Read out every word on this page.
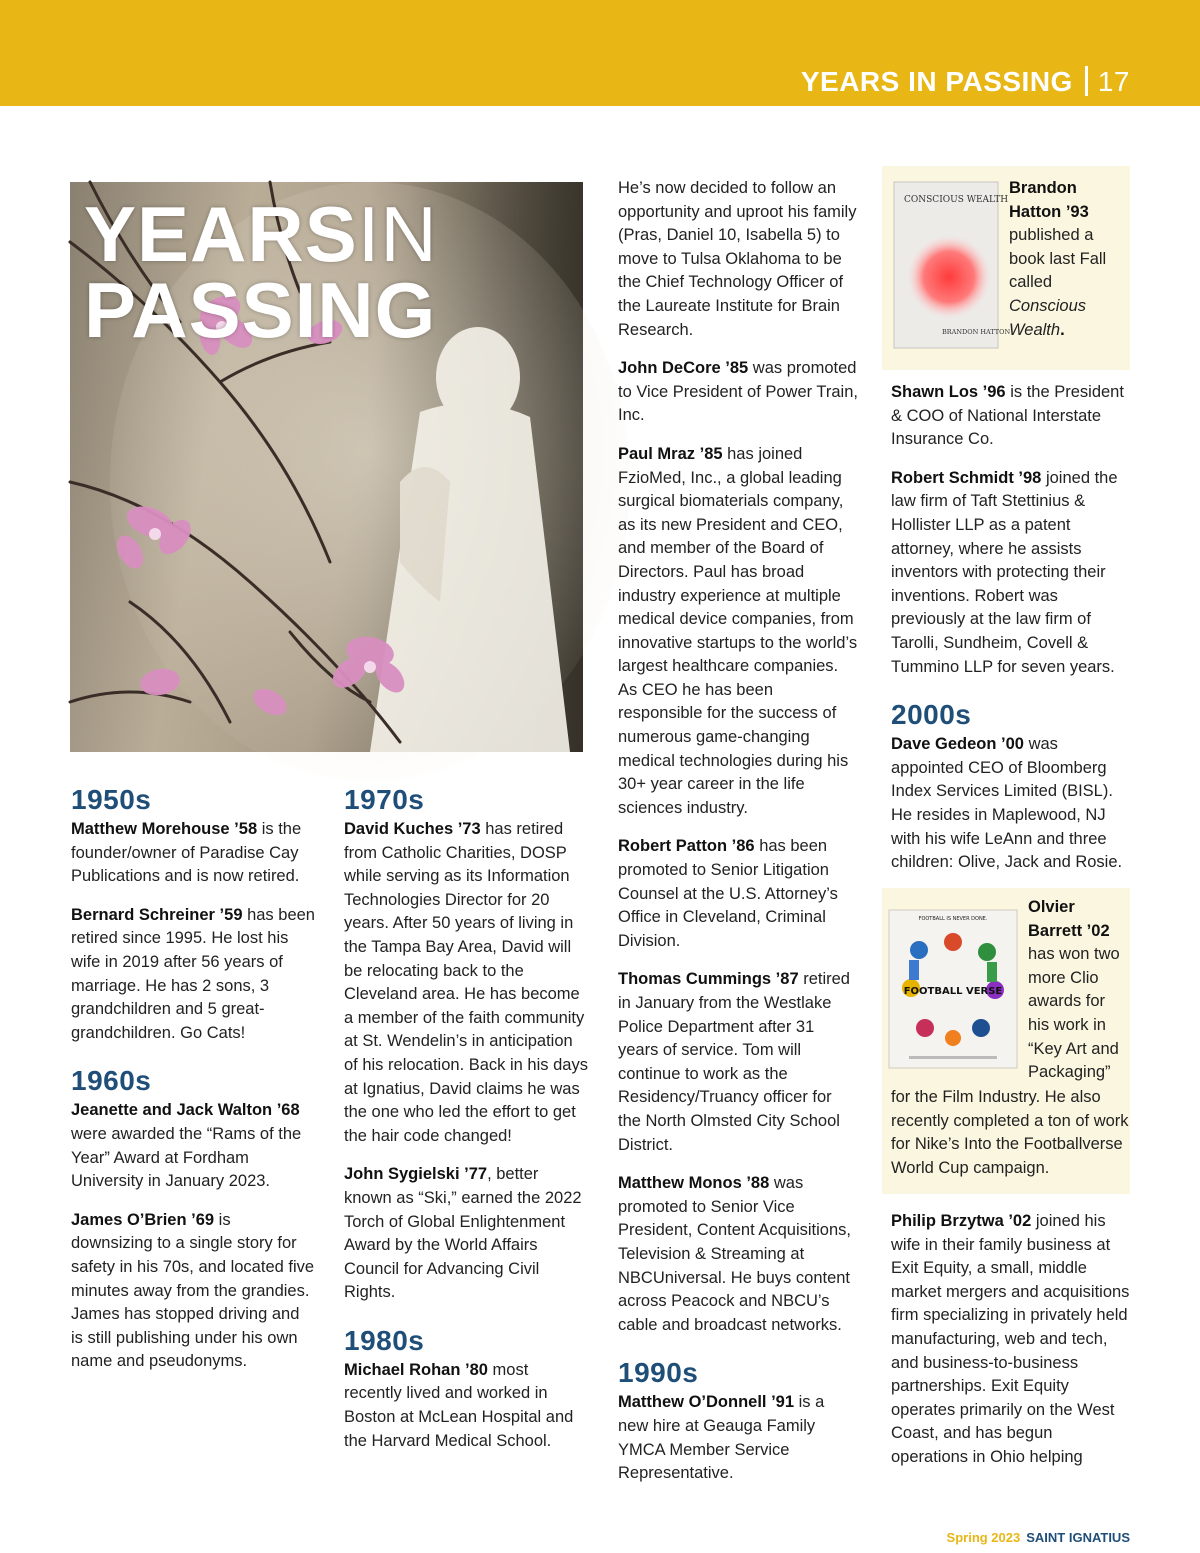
YEARS IN PASSING 17
YEARSIN
PASSING
1950s

Matthew Morehouse ’58 is the founder/owner of Paradise Cay Publications and is now retired.

Bernard Schreiner ’59 has been retired since 1995. He lost his wife in 2019 after 56 years of marriage. He has 2 sons, 3 grandchildren and 5 great-grandchildren. Go Cats!

1960s

Jeanette and Jack Walton ’68 were awarded the “Rams of the Year” Award at Fordham University in January 2023.

James O’Brien ’69 is downsizing to a single story for safety in his 70s, and located five minutes away from the grandies. James has stopped driving and is still publishing under his own name and pseudonyms.

1970s

David Kuches ’73 has retired from Catholic Charities, DOSP while serving as its Information Technologies Director for 20 years. After 50 years of living in the Tampa Bay Area, David will be relocating back to the Cleveland area. He has become a member of the faith community at St. Wendelin’s in anticipation of his relocation. Back in his days at Ignatius, David claims he was the one who led the effort to get the hair code changed!

John Sygielski ’77, better known as “Ski,” earned the 2022 Torch of Global Enlightenment Award by the World Affairs Council for Advancing Civil Rights.

1980s

Michael Rohan ’80 most recently lived and worked in Boston at McLean Hospital and the Harvard Medical School.

He’s now decided to follow an opportunity and uproot his family (Pras, Daniel 10, Isabella 5) to move to Tulsa Oklahoma to be the Chief Technology Officer of the Laureate Institute for Brain Research.

John DeCore ’85 was promoted to Vice President of Power Train, Inc.

Paul Mraz ’85 has joined FzioMed, Inc., a global leading surgical biomaterials company, as its new President and CEO, and member of the Board of Directors. Paul has broad industry experience at multiple medical device companies, from innovative startups to the world’s largest healthcare companies. As CEO he has been responsible for the success of numerous game-changing medical technologies during his 30+ year career in the life sciences industry.

Robert Patton ’86 has been promoted to Senior Litigation Counsel at the U.S. Attorney’s Office in Cleveland, Criminal Division.

Thomas Cummings ’87 retired in January from the Westlake Police Department after 31 years of service. Tom will continue to work as the Residency/Truancy officer for the North Olmsted City School District.

Matthew Monos ’88 was promoted to Senior Vice President, Content Acquisitions, Television & Streaming at NBCUniversal. He buys content across Peacock and NBCU’s cable and broadcast networks.

1990s

Matthew O’Donnell ’91 is a new hire at Geauga Family YMCA Member Service Representative.

CONSCIOUS WEALTH
BRANDON HATTON

Brandon Hatton ’93 published a book last Fall called Conscious Wealth.

Shawn Los ’96 is the President & COO of National Interstate Insurance Co.

Robert Schmidt ’98 joined the law firm of Taft Stettinius & Hollister LLP as a patent attorney, where he assists inventors with protecting their inventions. Robert was previously at the law firm of Tarolli, Sundheim, Covell & Tummino LLP for seven years.

2000s

Dave Gedeon ’00 was appointed CEO of Bloomberg Index Services Limited (BISL). He resides in Maplewood, NJ with his wife LeAnn and three children: Olive, Jack and Rosie.

FOOTBALL IS NEVER DONE.
FOOTBALL VERSE

Olvier Barrett ’02 has won two more Clio awards for his work in “Key Art and Packaging”

Philip Brzytwa ’02 joined his wife in their family business at Exit Equity, a small, middle market mergers and acquisitions firm specializing in privately held manufacturing, web and tech, and business-to-business partnerships. Exit Equity operates primarily on the West Coast, and has begun operations in Ohio helping

Spring 2023 SAINT IGNATIUS
for the Film Industry. He also recently completed a ton of work for Nike’s Into the Footballverse World Cup campaign.
